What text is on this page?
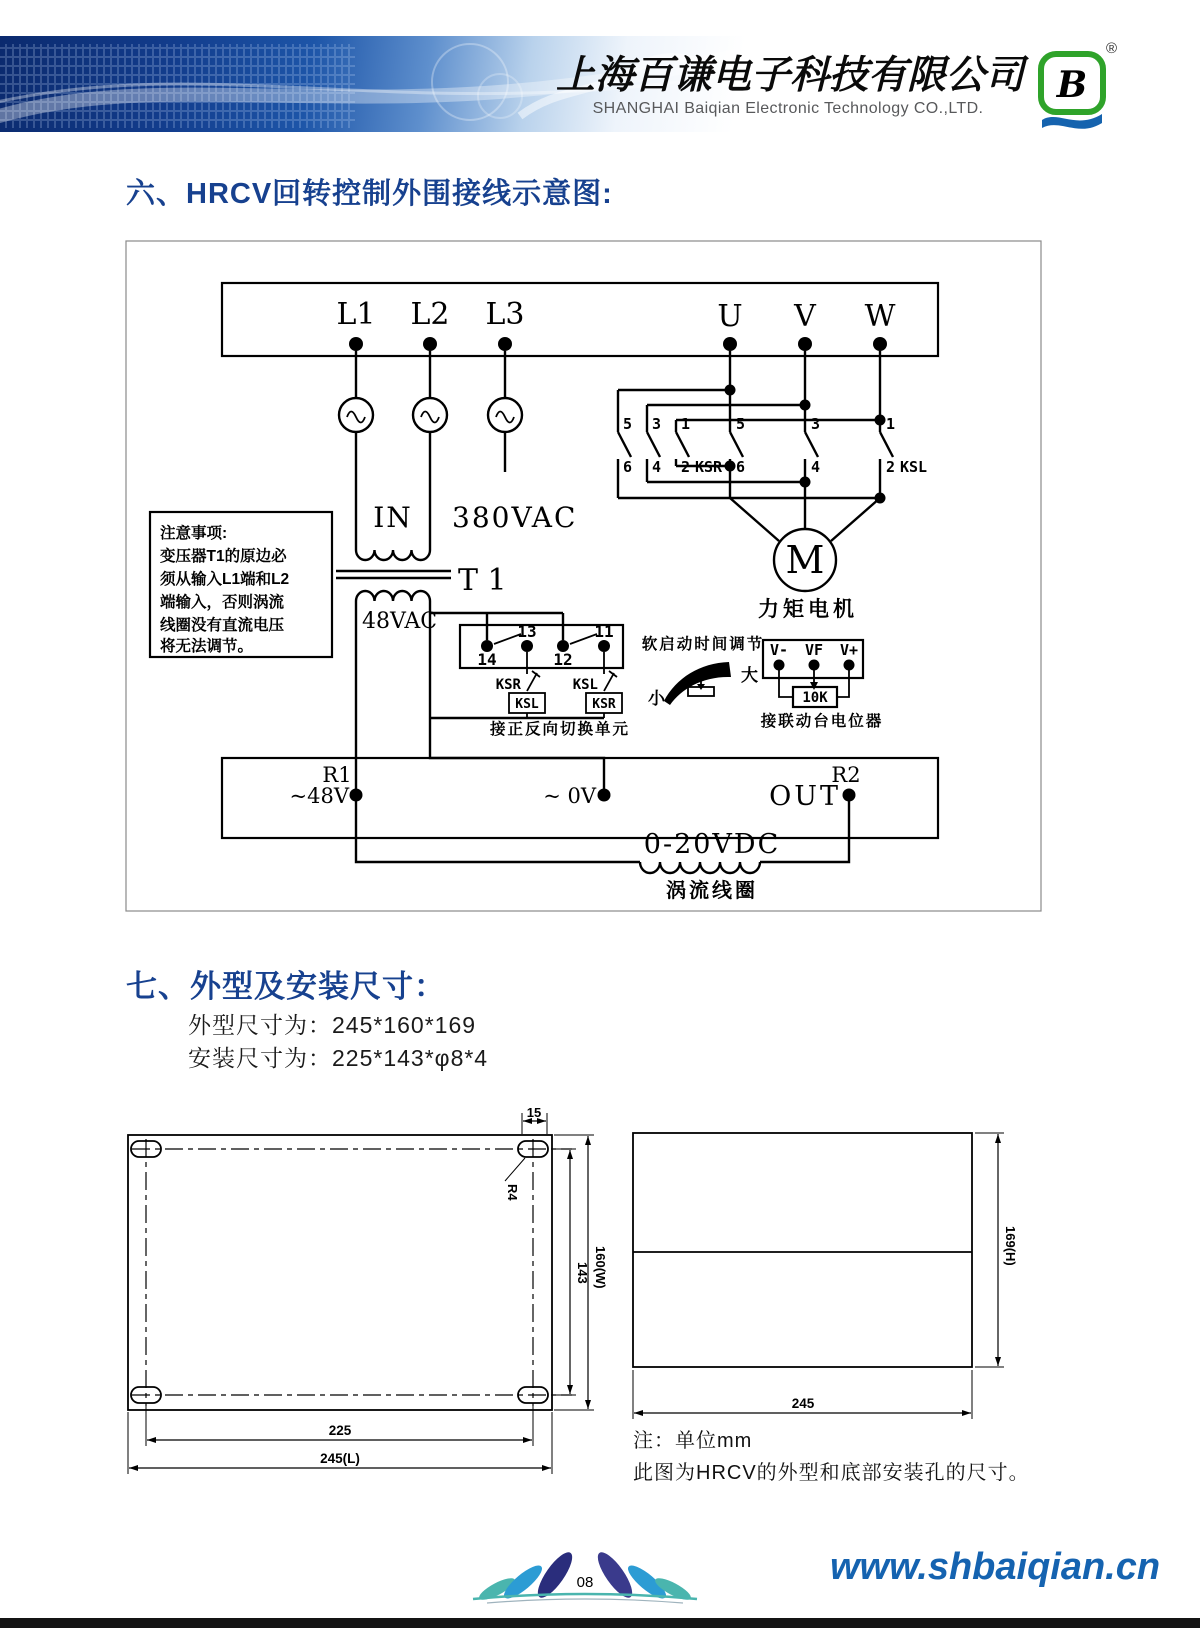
上海百谦电子科技有限公司
SHANGHAI Baiqian Electronic Technology CO.,LTD.
®
B
六、HRCV回转控制外围接线示意图:
L1 L2 L3	U V W
IN 380VAC
T 1
48VAC
注意事项:
变压器T1的原边必
须从输入L1端和L2
端输入，否则涡流
线圈没有直流电压
将无法调节。
5 3 1
6 4 2 KSR
5	3	1
6	4	2 KSL
M
力矩电机
13	11
14	12
KSR
KSL
KSL
KSR
接正反向切换单元
软启动时间调节
大
小
V- VF V+
10K
接联动台电位器
R1
~48V	~ 0V
R2
OUT
0-20VDC
涡流线圈
七、外型及安装尺寸：
外型尺寸为：245*160*169
安装尺寸为：225*143*φ8*4
15
R4
143 160(W)
225
245(L)
169(H)
245
注：单位mm
此图为HRCV的外型和底部安装孔的尺寸。
08	www.shbaiqian.cn
